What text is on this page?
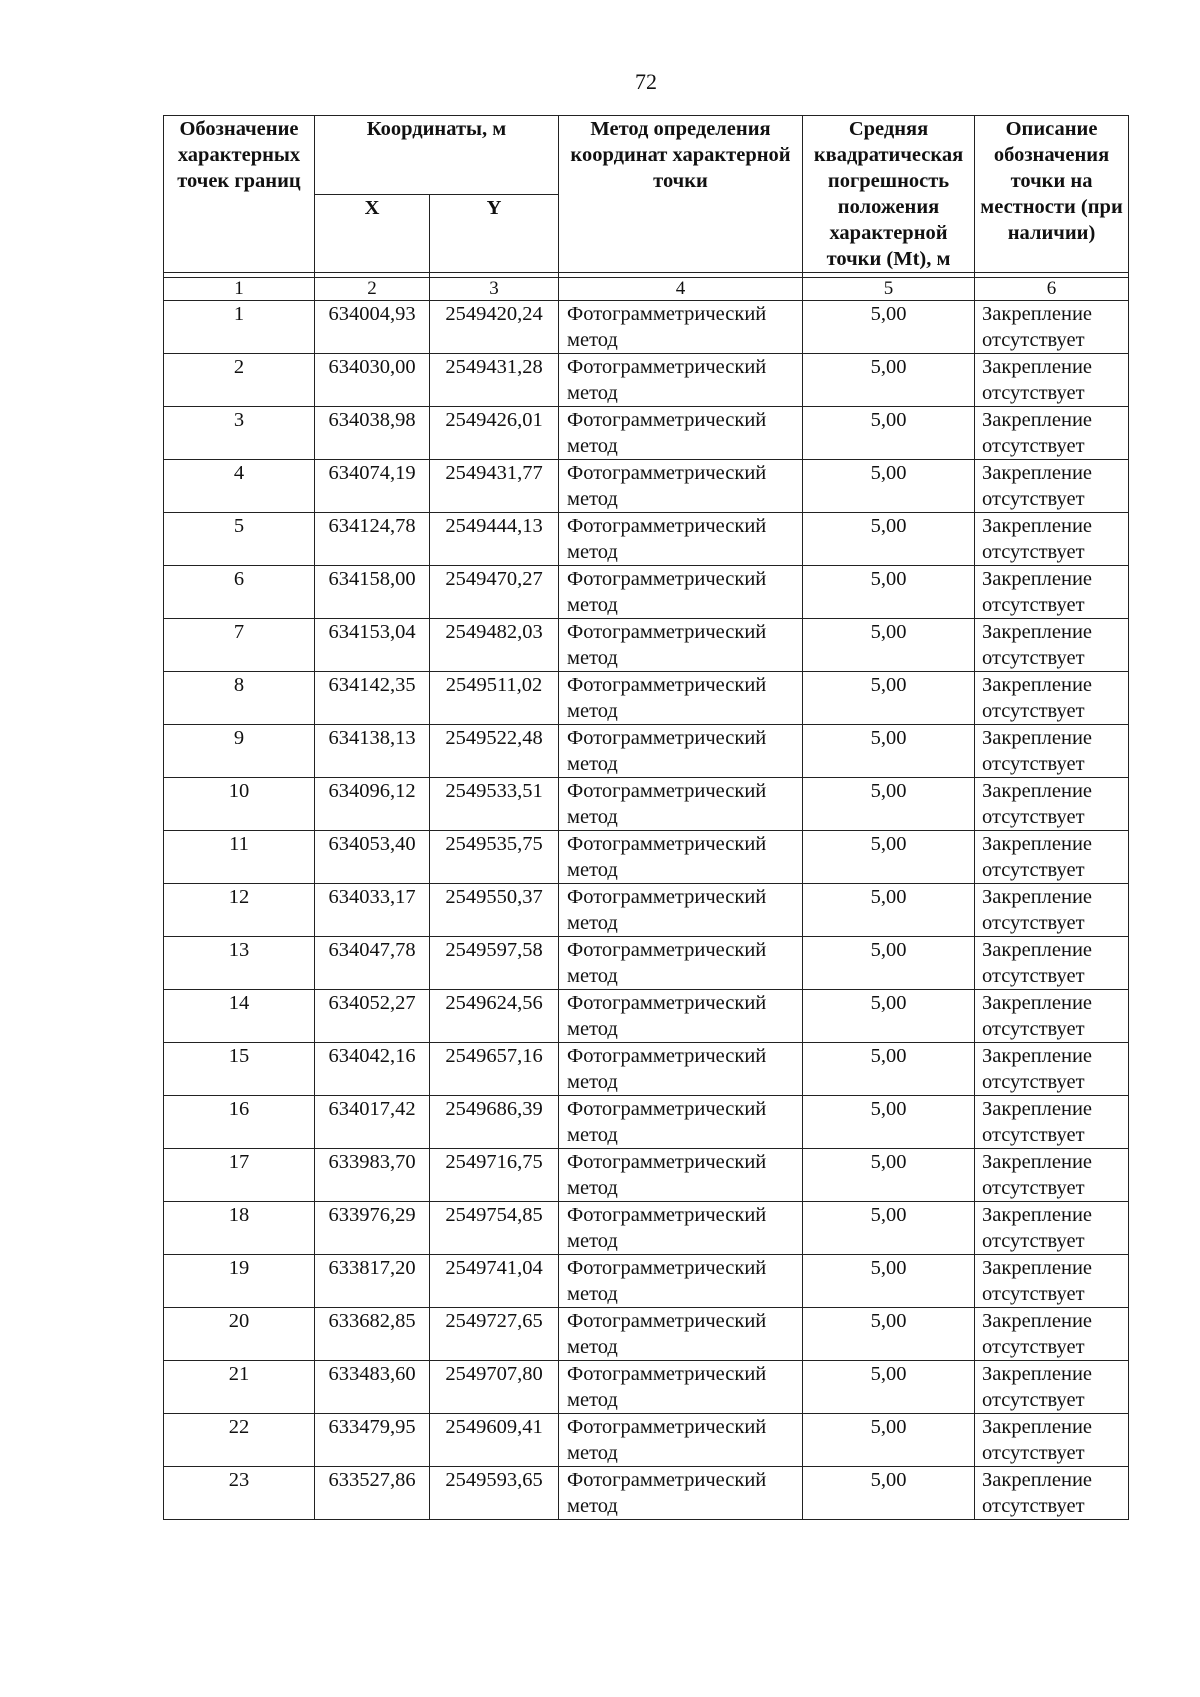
72
Обозначение характерных точек границ	Координаты, м		Метод определения координат характерной точки	Средняя квадратическая погрешность положения характерной точки (Mt), м	Описание обозначения точки на местности (при наличии)
	X	Y			

1	2	3	4	5	6
1	634004,93	2549420,24	Фотограмметрический метод	5,00	Закрепление отсутствует
2	634030,00	2549431,28	Фотограмметрический метод	5,00	Закрепление отсутствует
3	634038,98	2549426,01	Фотограмметрический метод	5,00	Закрепление отсутствует
4	634074,19	2549431,77	Фотограмметрический метод	5,00	Закрепление отсутствует
5	634124,78	2549444,13	Фотограмметрический метод	5,00	Закрепление отсутствует
6	634158,00	2549470,27	Фотограмметрический метод	5,00	Закрепление отсутствует
7	634153,04	2549482,03	Фотограмметрический метод	5,00	Закрепление отсутствует
8	634142,35	2549511,02	Фотограмметрический метод	5,00	Закрепление отсутствует
9	634138,13	2549522,48	Фотограмметрический метод	5,00	Закрепление отсутствует
10	634096,12	2549533,51	Фотограмметрический метод	5,00	Закрепление отсутствует
11	634053,40	2549535,75	Фотограмметрический метод	5,00	Закрепление отсутствует
12	634033,17	2549550,37	Фотограмметрический метод	5,00	Закрепление отсутствует
13	634047,78	2549597,58	Фотограмметрический метод	5,00	Закрепление отсутствует
14	634052,27	2549624,56	Фотограмметрический метод	5,00	Закрепление отсутствует
15	634042,16	2549657,16	Фотограмметрический метод	5,00	Закрепление отсутствует
16	634017,42	2549686,39	Фотограмметрический метод	5,00	Закрепление отсутствует
17	633983,70	2549716,75	Фотограмметрический метод	5,00	Закрепление отсутствует
18	633976,29	2549754,85	Фотограмметрический метод	5,00	Закрепление отсутствует
19	633817,20	2549741,04	Фотограмметрический метод	5,00	Закрепление отсутствует
20	633682,85	2549727,65	Фотограмметрический метод	5,00	Закрепление отсутствует
21	633483,60	2549707,80	Фотограмметрический метод	5,00	Закрепление отсутствует
22	633479,95	2549609,41	Фотограмметрический метод	5,00	Закрепление отсутствует
23	633527,86	2549593,65	Фотограмметрический метод	5,00	Закрепление отсутствует
